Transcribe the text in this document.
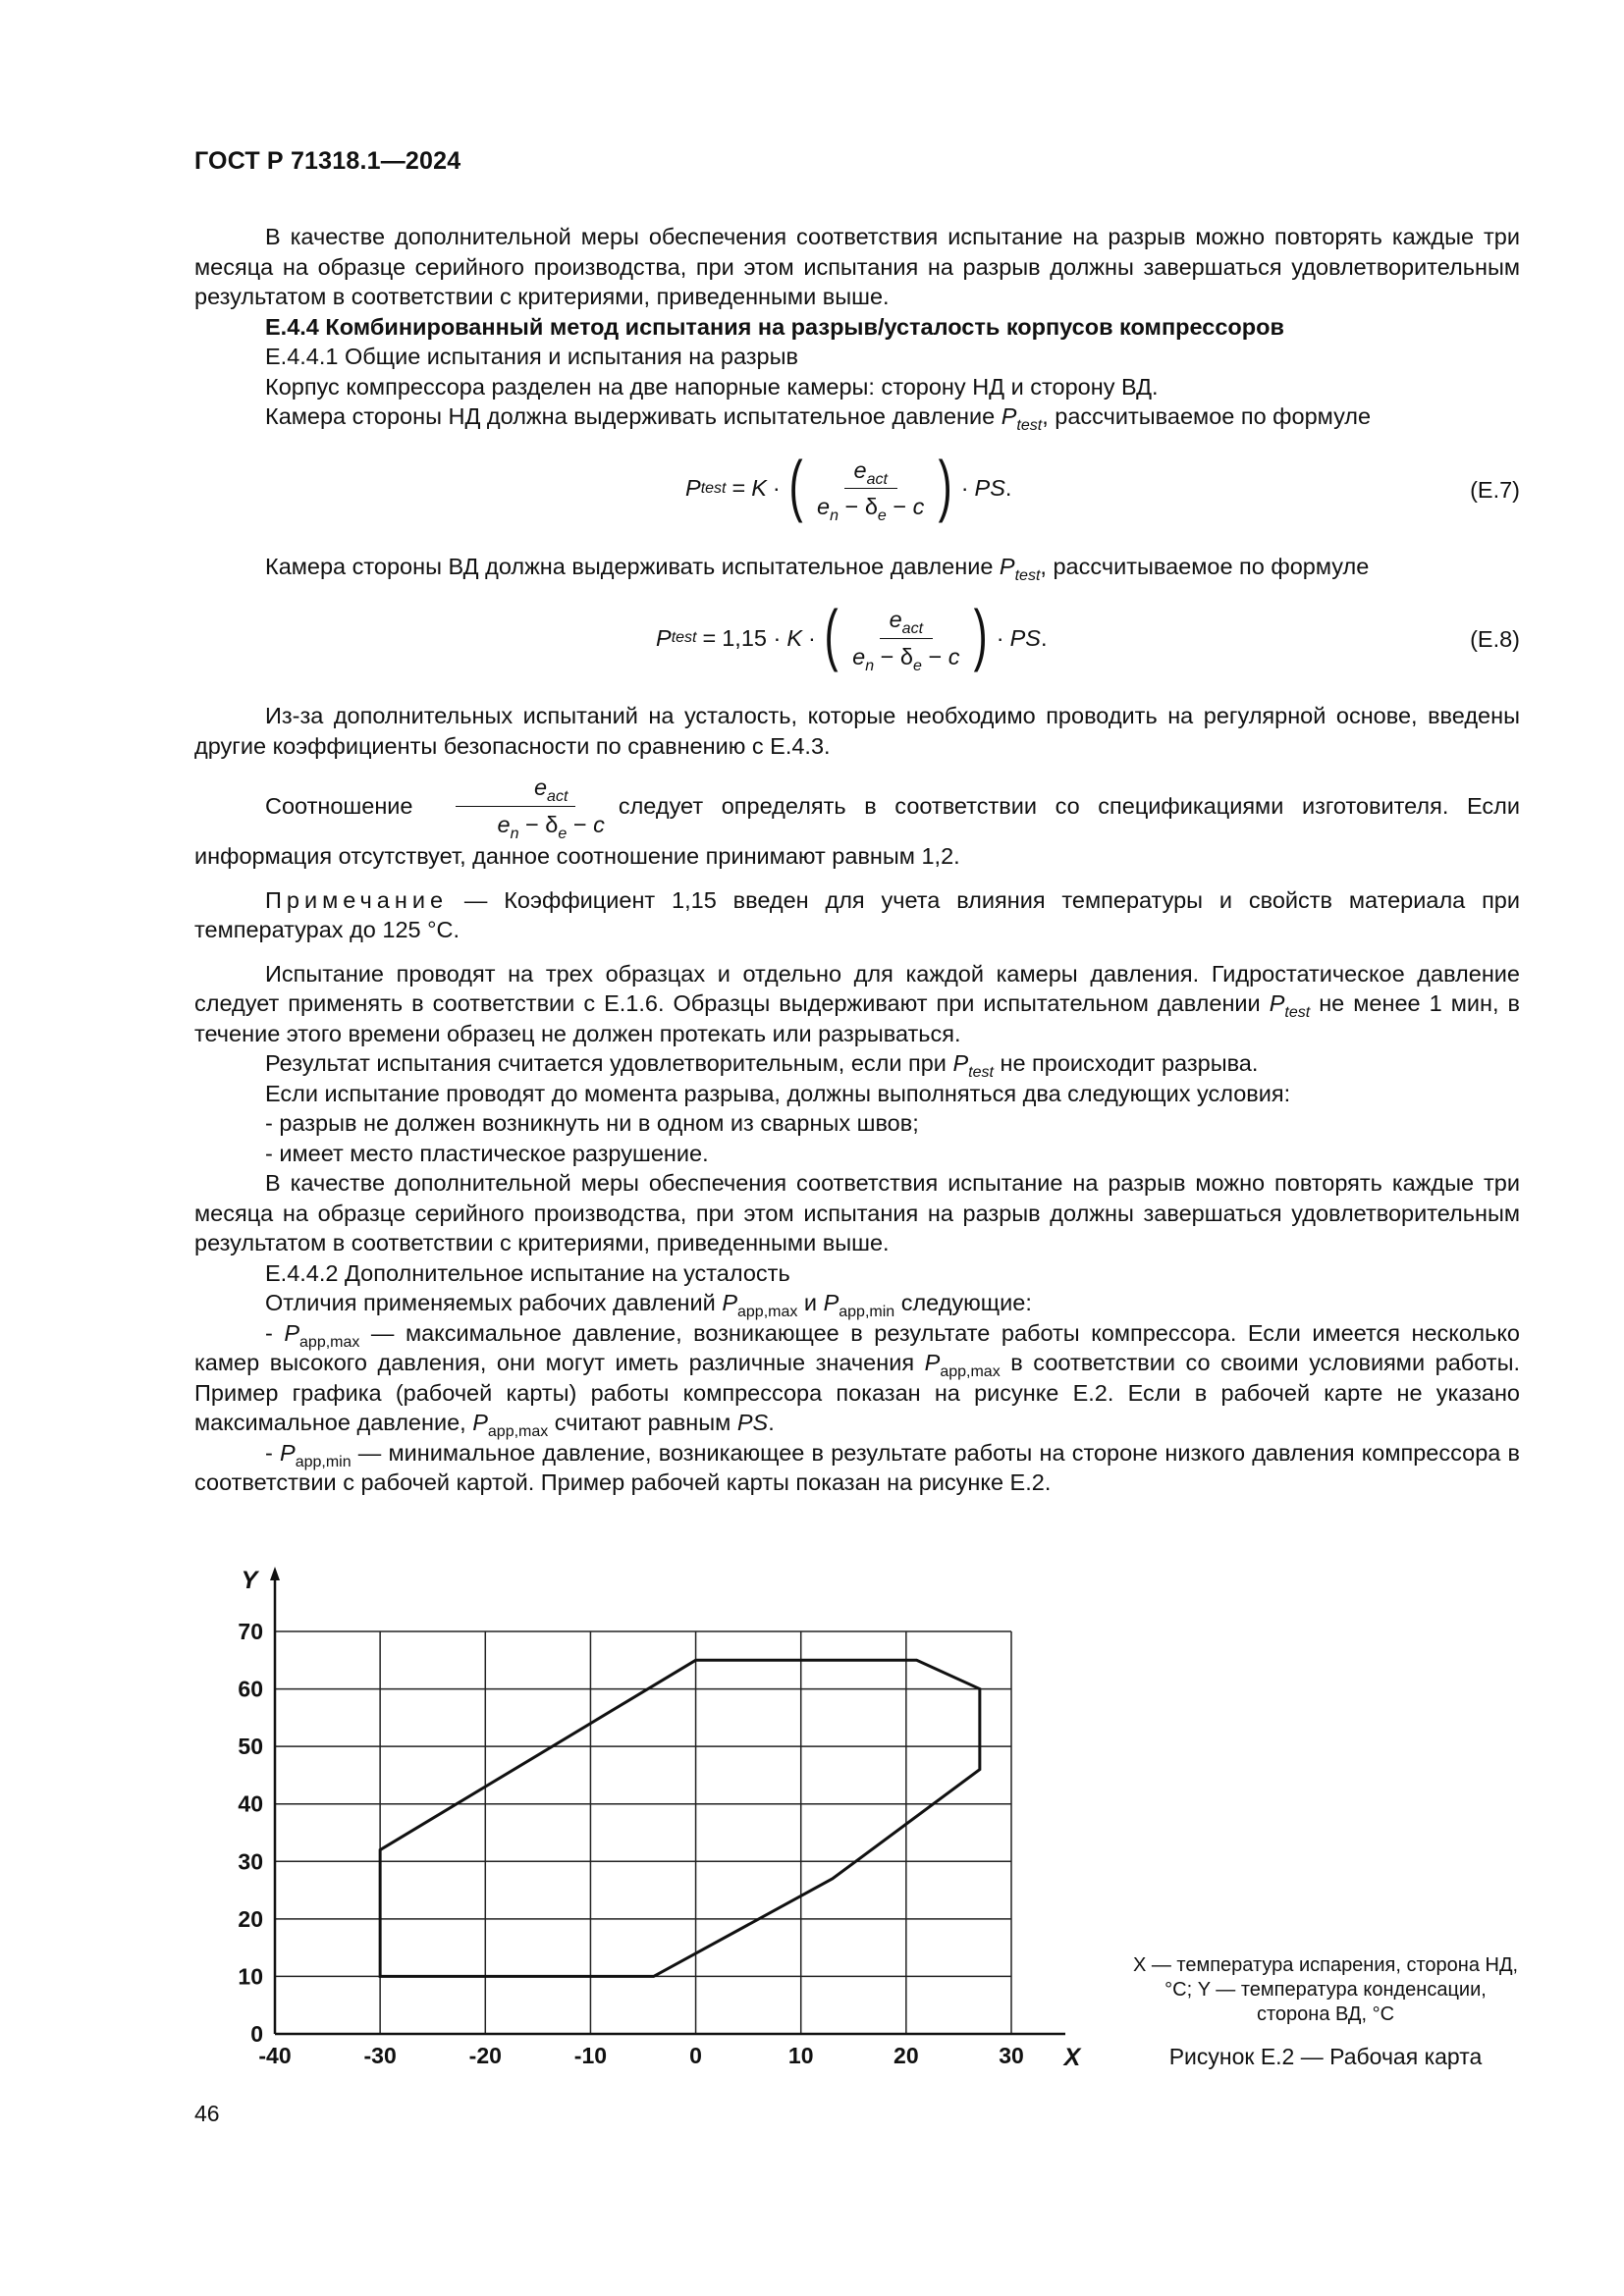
ГОСТ Р 71318.1—2024

В качестве дополнительной меры обеспечения соответствия испытание на разрыв можно повторять каждые три месяца на образце серийного производства, при этом испытания на разрыв должны завершаться удовлетворительным результатом в соответствии с критериями, приведенными выше.

Е.4.4 Комбинированный метод испытания на разрыв/усталость корпусов компрессоров

Е.4.4.1 Общие испытания и испытания на разрыв

Корпус компрессора разделен на две напорные камеры: сторону НД и сторону ВД.

Камера стороны НД должна выдерживать испытательное давление $P_{test}$, рассчитываемое по формуле

P test = K · ( $\frac{e_{act}}{e_n - \delta_e - c}$ ) · PS .	(Е.7)

Камера стороны ВД должна выдерживать испытательное давление $P_{test}$, рассчитываемое по формуле

P test = 1,15 · K · ( $\frac{e_{act}}{e_n - \delta_e - c}$ ) · PS .	(Е.8)

Из-за дополнительных испытаний на усталость, которые необходимо проводить на регулярной основе, введены другие коэффициенты безопасности по сравнению с Е.4.3.

Соотношение $\frac{e_{act}}{e_n - \delta_e - c}$ следует определять в соответствии со спецификациями изготовителя. Если информация отсутствует, данное соотношение принимают равным 1,2.

Примечание — Коэффициент 1,15 введен для учета влияния температуры и свойств материала при температурах до 125 °С.

Испытание проводят на трех образцах и отдельно для каждой камеры давления. Гидростатическое давление следует применять в соответствии с Е.1.6. Образцы выдерживают при испытательном давлении $P_{test}$ не менее 1 мин, в течение этого времени образец не должен протекать или разрываться.

Результат испытания считается удовлетворительным, если при $P_{test}$ не происходит разрыва.

Если испытание проводят до момента разрыва, должны выполняться два следующих условия:

- разрыв не должен возникнуть ни в одном из сварных швов;

- имеет место пластическое разрушение.

В качестве дополнительной меры обеспечения соответствия испытание на разрыв можно повторять каждые три месяца на образце серийного производства, при этом испытания на разрыв должны завершаться удовлетворительным результатом в соответствии с критериями, приведенными выше.

Е.4.4.2 Дополнительное испытание на усталость

Отличия применяемых рабочих давлений $P_{app,max}$ и $P_{app,min}$ следующие:

- $P_{app,max}$ — максимальное давление, возникающее в результате работы компрессора. Если имеется несколько камер высокого давления, они могут иметь различные значения $P_{app,max}$ в соответствии со своими условиями работы. Пример графика (рабочей карты) работы компрессора показан на рисунке Е.2. Если в рабочей карте не указано максимальное давление, $P_{app,max}$ считают равным PS.

- $P_{app,min}$ — минимальное давление, возникающее в результате работы на стороне низкого давления компрессора в соответствии с рабочей картой. Пример рабочей карты показан на рисунке Е.2.

-40	-30	-20	-10	0	10	20	30
0
10
20
30
40
50
60
70
X
Y
X — температура испарения, сторона НД, °С; Y — температура конденсации, сторона ВД, °С
Рисунок Е.2 — Рабочая карта
46
